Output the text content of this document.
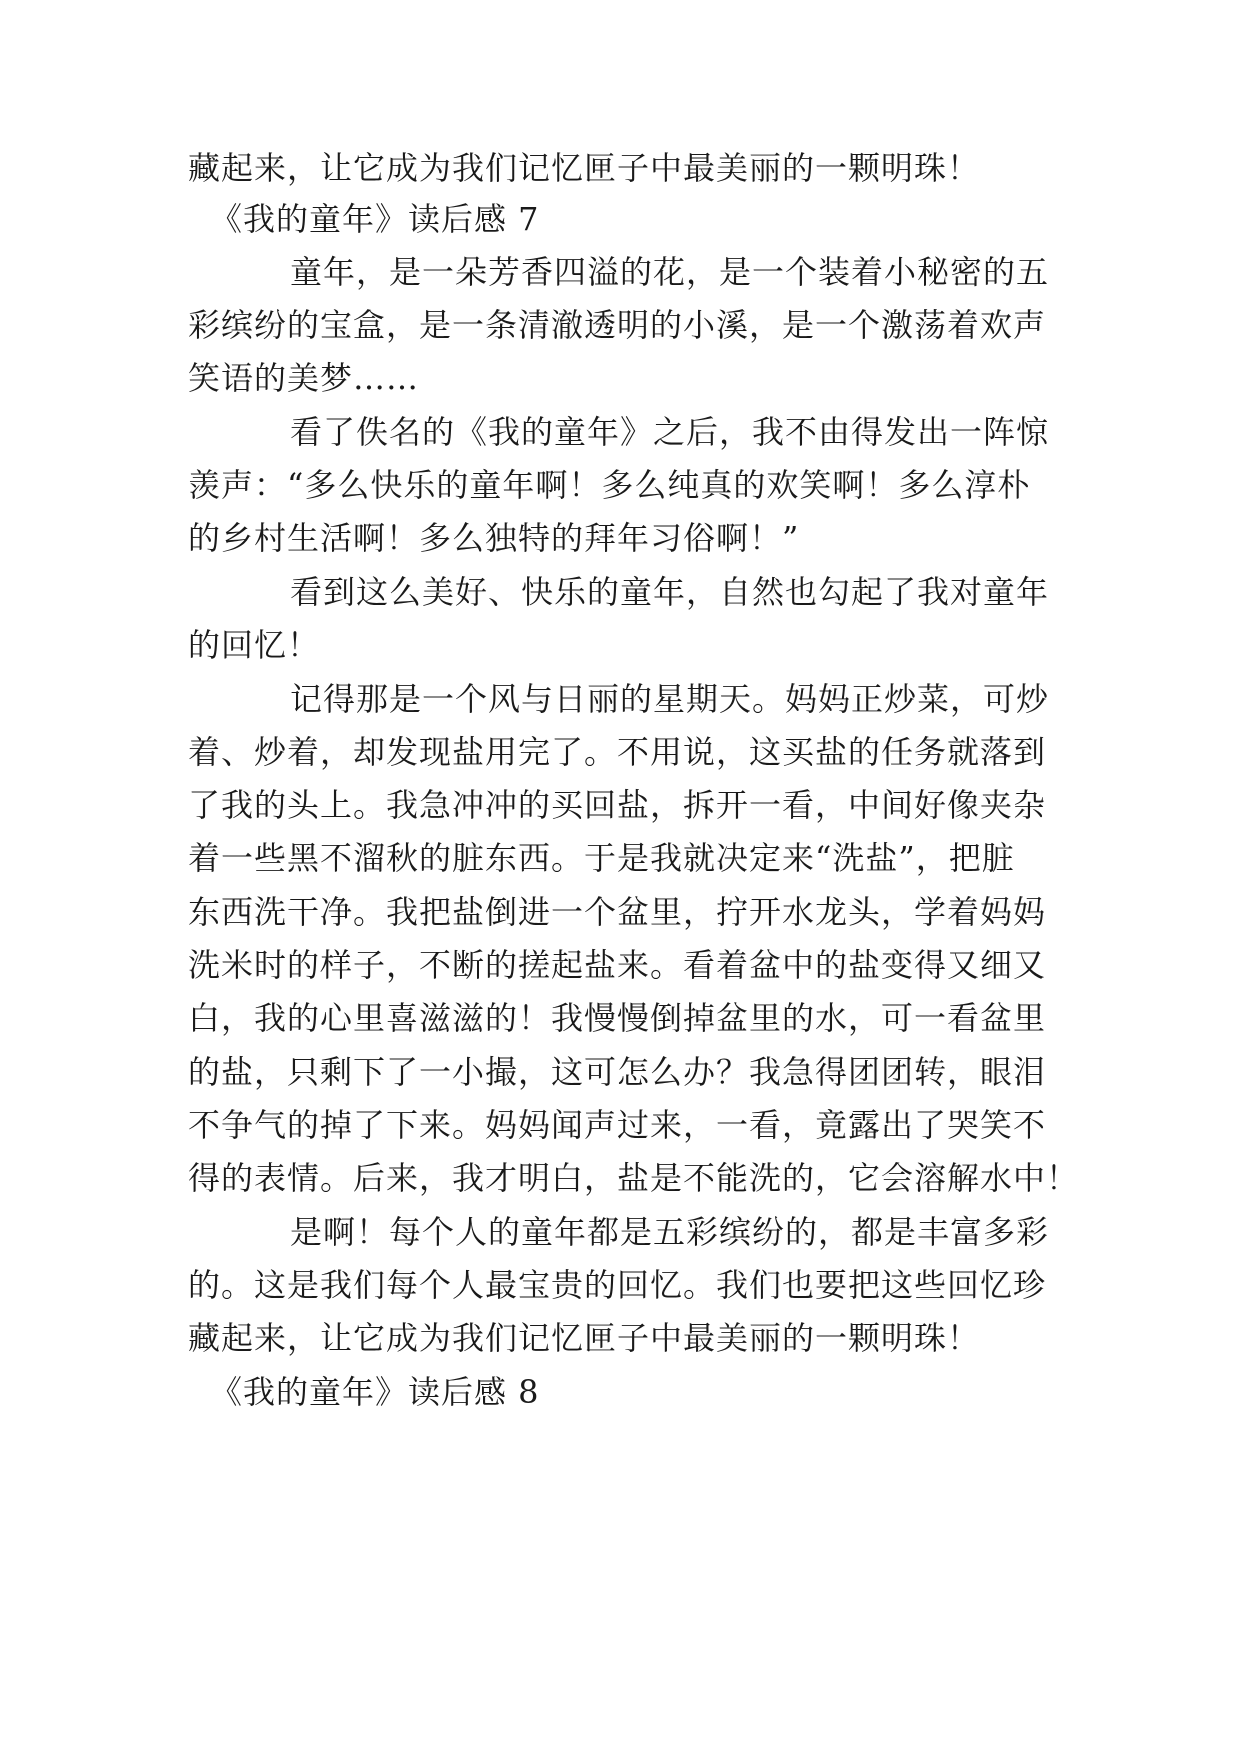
藏起来，让它成为我们记忆匣子中最美丽的一颗明珠！
《我的童年》读后感 7
童年，是一朵芳香四溢的花，是一个装着小秘密的五
彩缤纷的宝盒，是一条清澈透明的小溪，是一个激荡着欢声
笑语的美梦……
看了佚名的《我的童年》之后，我不由得发出一阵惊
羡声：“多么快乐的童年啊！多么纯真的欢笑啊！多么淳朴
的乡村生活啊！多么独特的拜年习俗啊！”
看到这么美好、快乐的童年，自然也勾起了我对童年
的回忆！
记得那是一个风与日丽的星期天。妈妈正炒菜，可炒
着、炒着，却发现盐用完了。不用说，这买盐的任务就落到
了我的头上。我急冲冲的买回盐，拆开一看，中间好像夹杂
着一些黑不溜秋的脏东西。于是我就决定来“洗盐”，把脏
东西洗干净。我把盐倒进一个盆里，拧开水龙头，学着妈妈
洗米时的样子，不断的搓起盐来。看着盆中的盐变得又细又
白，我的心里喜滋滋的！我慢慢倒掉盆里的水，可一看盆里
的盐，只剩下了一小撮，这可怎么办？我急得团团转，眼泪
不争气的掉了下来。妈妈闻声过来，一看，竟露出了哭笑不
得的表情。后来，我才明白，盐是不能洗的，它会溶解水中！
是啊！每个人的童年都是五彩缤纷的，都是丰富多彩
的。这是我们每个人最宝贵的回忆。我们也要把这些回忆珍
藏起来，让它成为我们记忆匣子中最美丽的一颗明珠！
《我的童年》读后感 8
